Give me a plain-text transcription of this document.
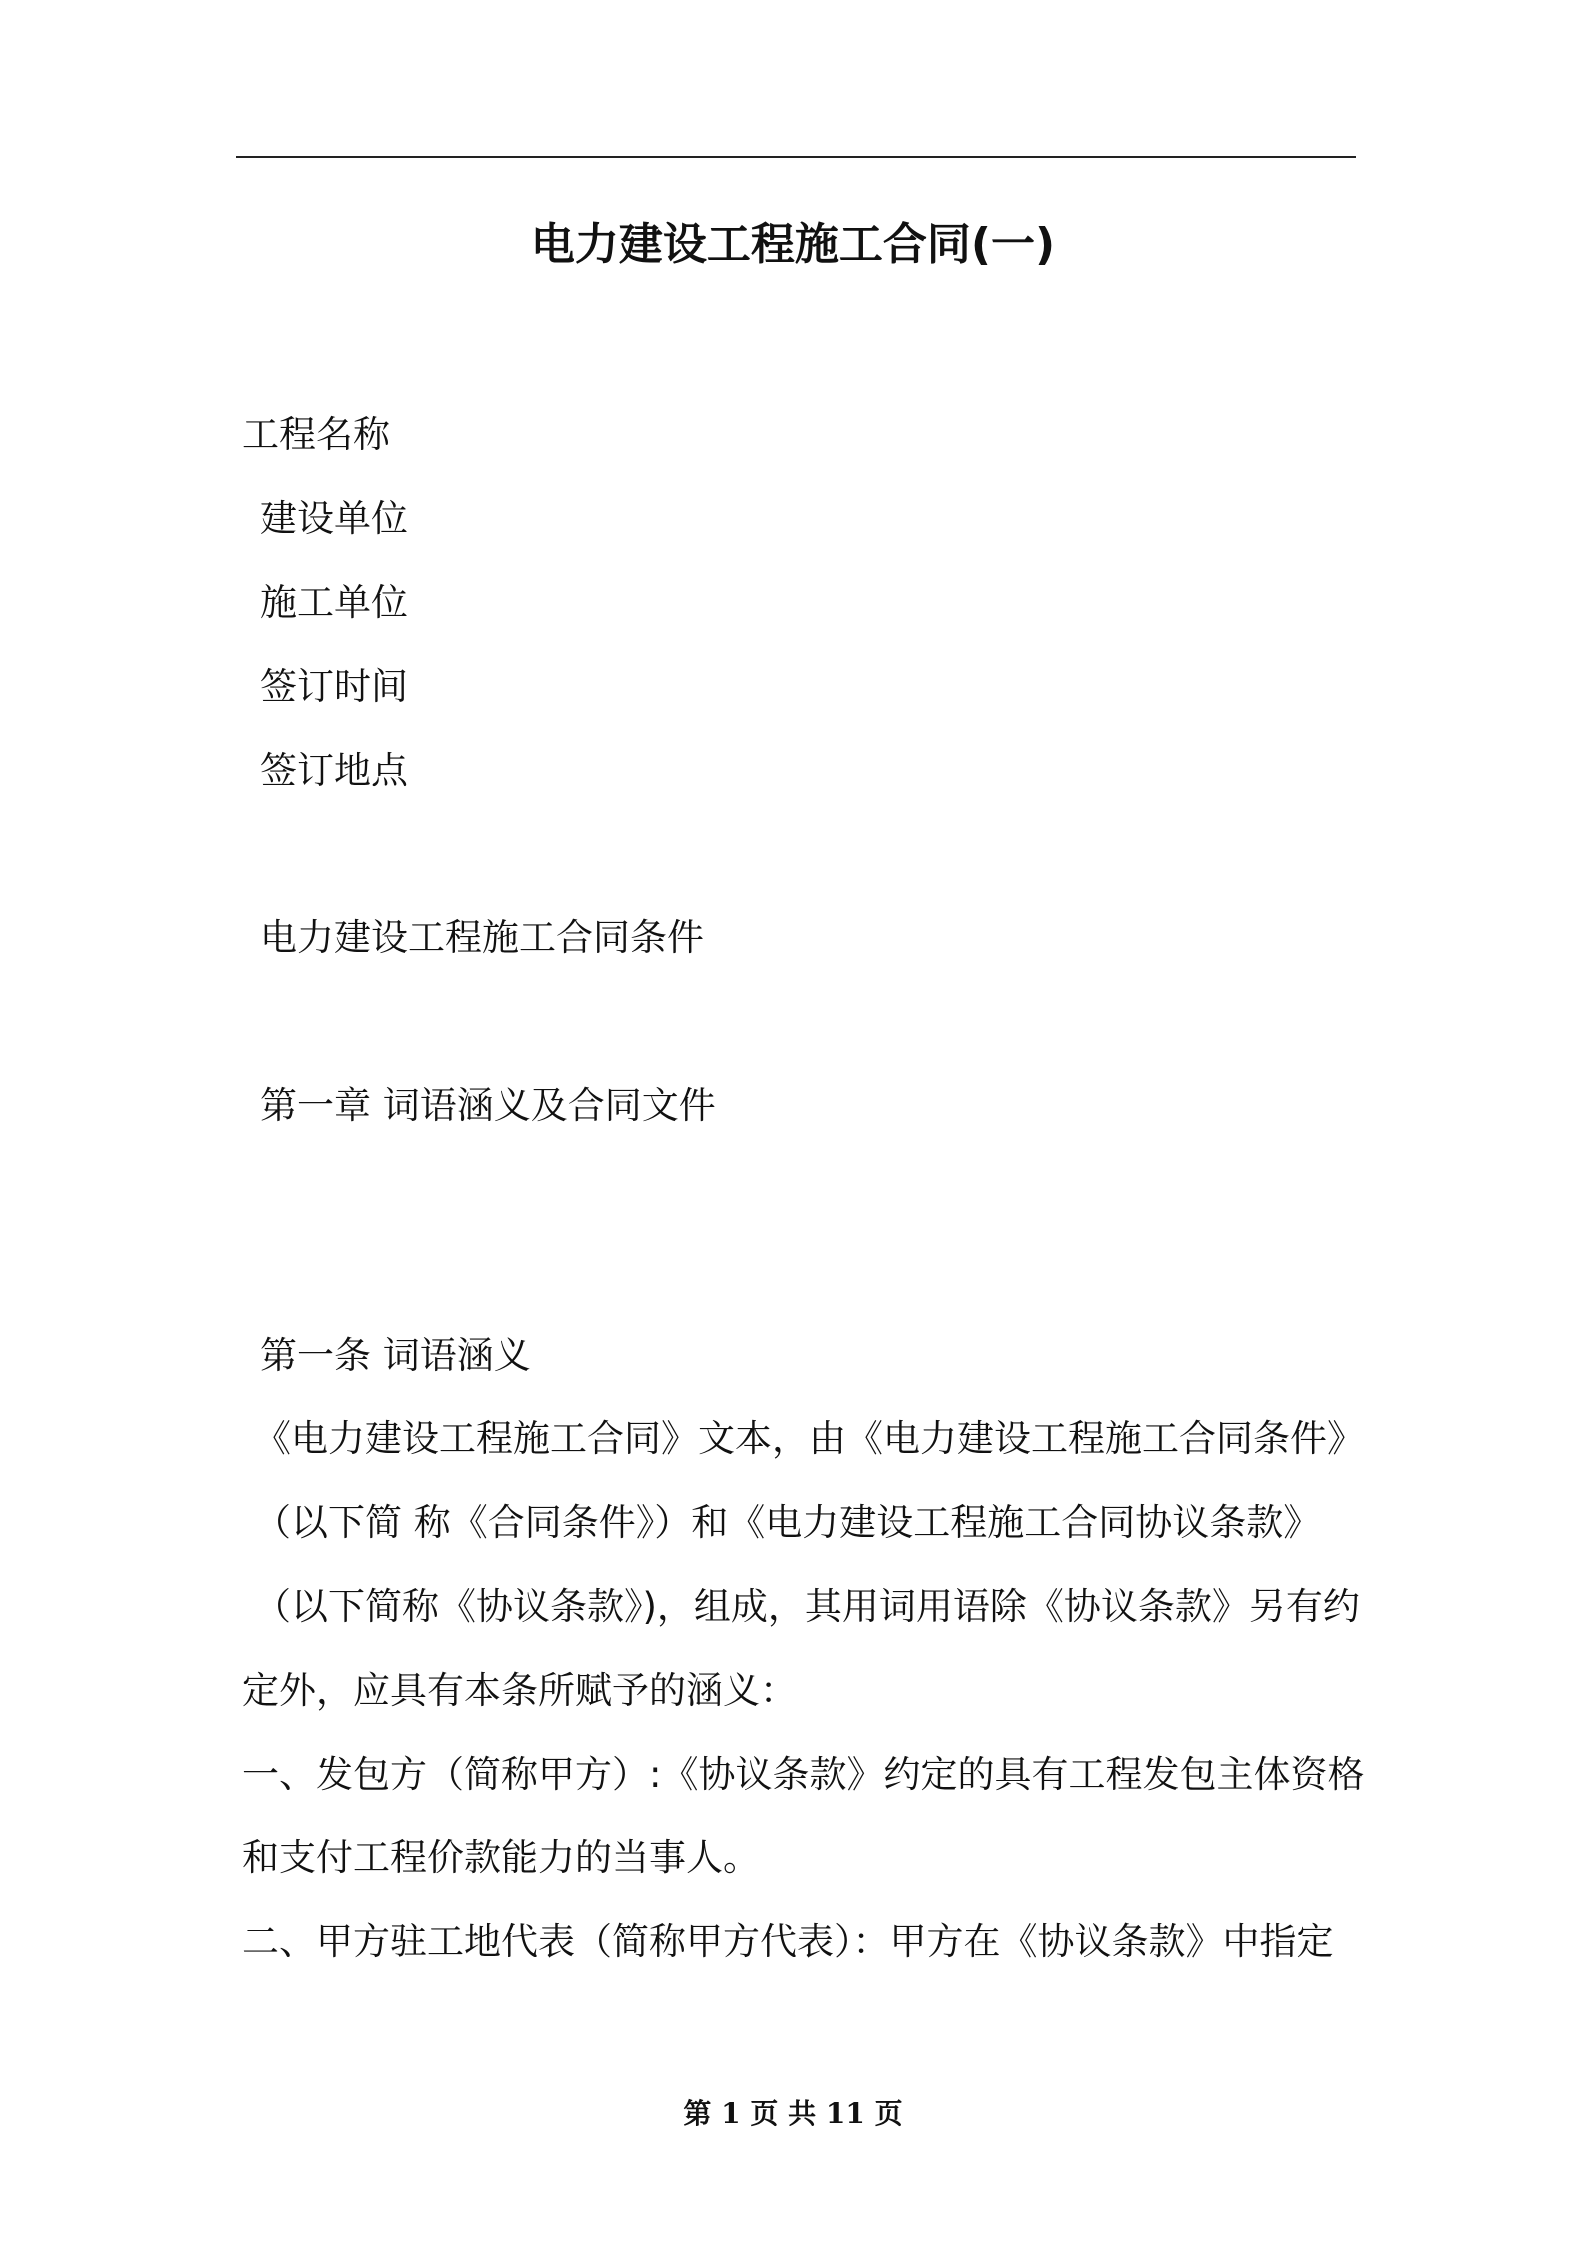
电力建设工程施工合同(一)
工程名称
建设单位
施工单位
签订时间
签订地点
电力建设工程施工合同条件
第一章 词语涵义及合同文件
第一条 词语涵义
《电力建设工程施工合同》文本，由《电力建设工程施工合同条件》
（以下简 称《合同条件》）和《电力建设工程施工合同协议条款》
（以下简称《协议条款》)，组成，其用词用语除《协议条款》另有约
定外，应具有本条所赋予的涵义：
一、发包方（简称甲方）:《协议条款》约定的具有工程发包主体资格
和支付工程价款能力的当事人。
二、甲方驻工地代表（简称甲方代表）：甲方在《协议条款》中指定
第 1 页 共 11 页
